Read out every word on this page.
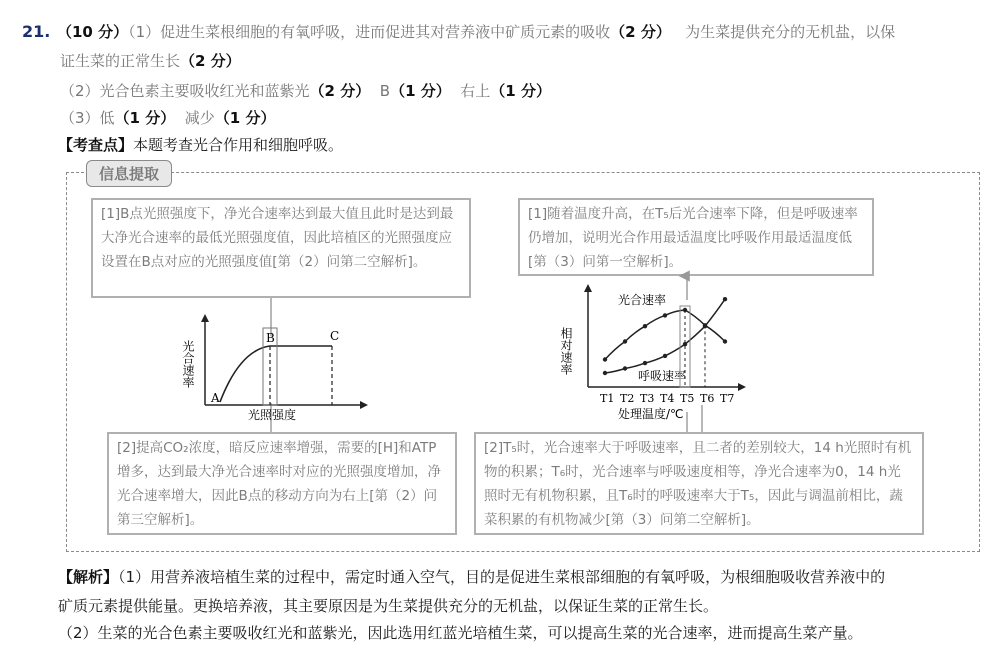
21. （10 分）（1）促进生菜根细胞的有氧呼吸，进而促进其对营养液中矿质元素的吸收（2 分） 为生菜提供充分的无机盐，以保
证生菜的正常生长（2 分）
（2）光合色素主要吸收红光和蓝紫光（2 分） B（1 分） 右上（1 分）
（3）低（1 分） 减少（1 分）
【考查点】本题考查光合作用和细胞呼吸。
信息提取
[1]B点光照强度下，净光合速率达到最大值且此时是达到最大净光合速率的最低光照强度值，因此培植区的光照强度应设置在B点对应的光照强度值[第（2）问第二空解析]。
[1]随着温度升高，在T₅后光合速率下降，但是呼吸速率仍增加，说明光合作用最适温度比呼吸作用最适温度低[第（3）问第一空解析]。
[2]提高CO₂浓度，暗反应速率增强，需要的[H]和ATP增多，达到最大净光合速率时对应的光照强度增加，净光合速率增大，因此B点的移动方向为右上[第（2）问第三空解析]。
[2]T₅时，光合速率大于呼吸速率，且二者的差别较大，14 h光照时有机物的积累；T₆时，光合速率与呼吸速度相等，净光合速率为0，14 h光照时无有机物积累，且T₆时的呼吸速率大于T₅，因此与调温前相比，蔬菜积累的有机物减少[第（3）问第二空解析]。
A
B	C
光合速率
光照强度
相对速率
处理温度/℃
光合速率
呼吸速率
T1 T2 T3 T4 T5 T6 T7
【解析】（1）用营养液培植生菜的过程中，需定时通入空气，目的是促进生菜根部细胞的有氧呼吸，为根细胞吸收营养液中的
矿质元素提供能量。更换培养液，其主要原因是为生菜提供充分的无机盐，以保证生菜的正常生长。
（2）生菜的光合色素主要吸收红光和蓝紫光，因此选用红蓝光培植生菜，可以提高生菜的光合速率，进而提高生菜产量。
